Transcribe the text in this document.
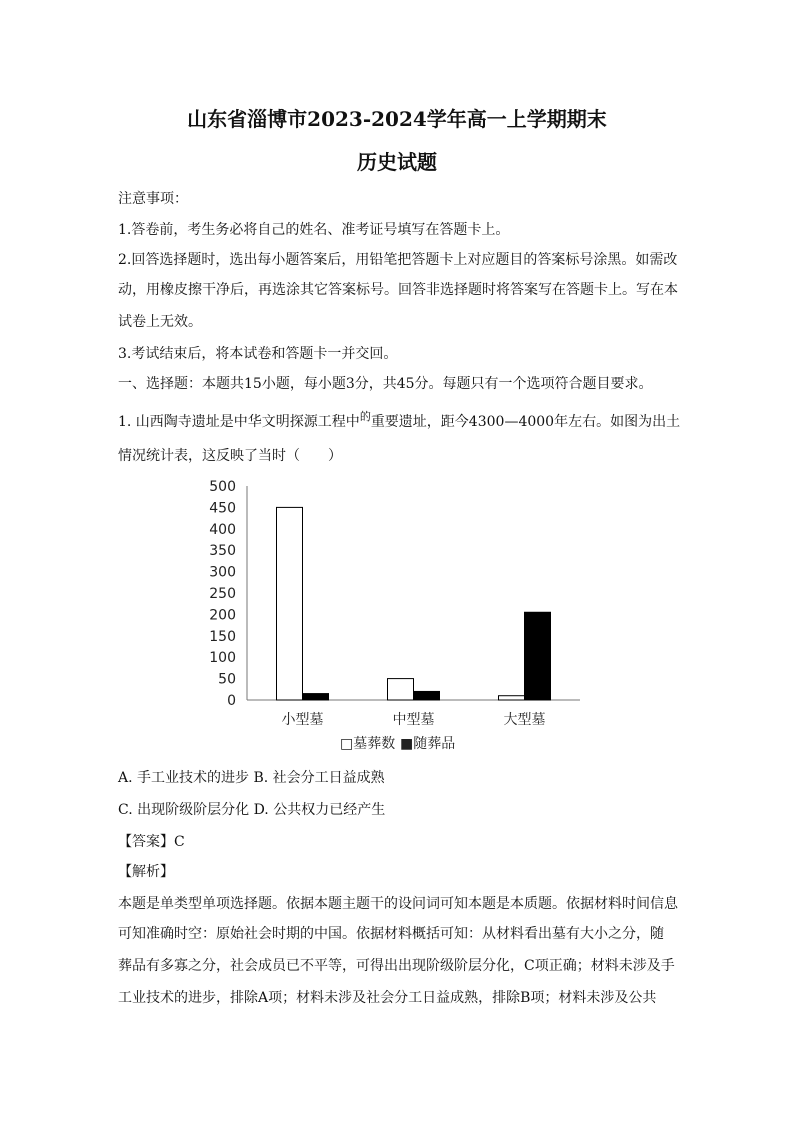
山东省淄博市2023-2024学年高一上学期期末
历史试题
注意事项：
1.答卷前，考生务必将自己的姓名、准考证号填写在答题卡上。
2.回答选择题时，选出每小题答案后，用铅笔把答题卡上对应题目的答案标号涂黑。如需改
动，用橡皮擦干净后，再选涂其它答案标号。回答非选择题时将答案写在答题卡上。写在本
试卷上无效。
3.考试结束后，将本试卷和答题卡一并交回。
一、选择题：本题共15小题，每小题3分，共45分。每题只有一个选项符合题目要求。
1. 山西陶寺遗址是中华文明探源工程中$^的$重要遗址，距今4300—4000年左右。如图为出土
情况统计表，这反映了当时（　　）
0
50
100
150
200
250
300
350
400
450
500
小型墓	中型墓	大型墓
□墓葬数 ■随葬品
A. 手工业技术的进步 B. 社会分工日益成熟
C. 出现阶级阶层分化 D. 公共权力已经产生
【答案】C
【解析】
本题是单类型单项选择题。依据本题主题干的设问词可知本题是本质题。依据材料时间信息
可知准确时空：原始社会时期的中国。依据材料概括可知：从材料看出墓有大小之分，随
葬品有多寡之分，社会成员已不平等，可得出出现阶级阶层分化，C项正确；材料未涉及手
工业技术的进步，排除A项；材料未涉及社会分工日益成熟，排除B项；材料未涉及公共
